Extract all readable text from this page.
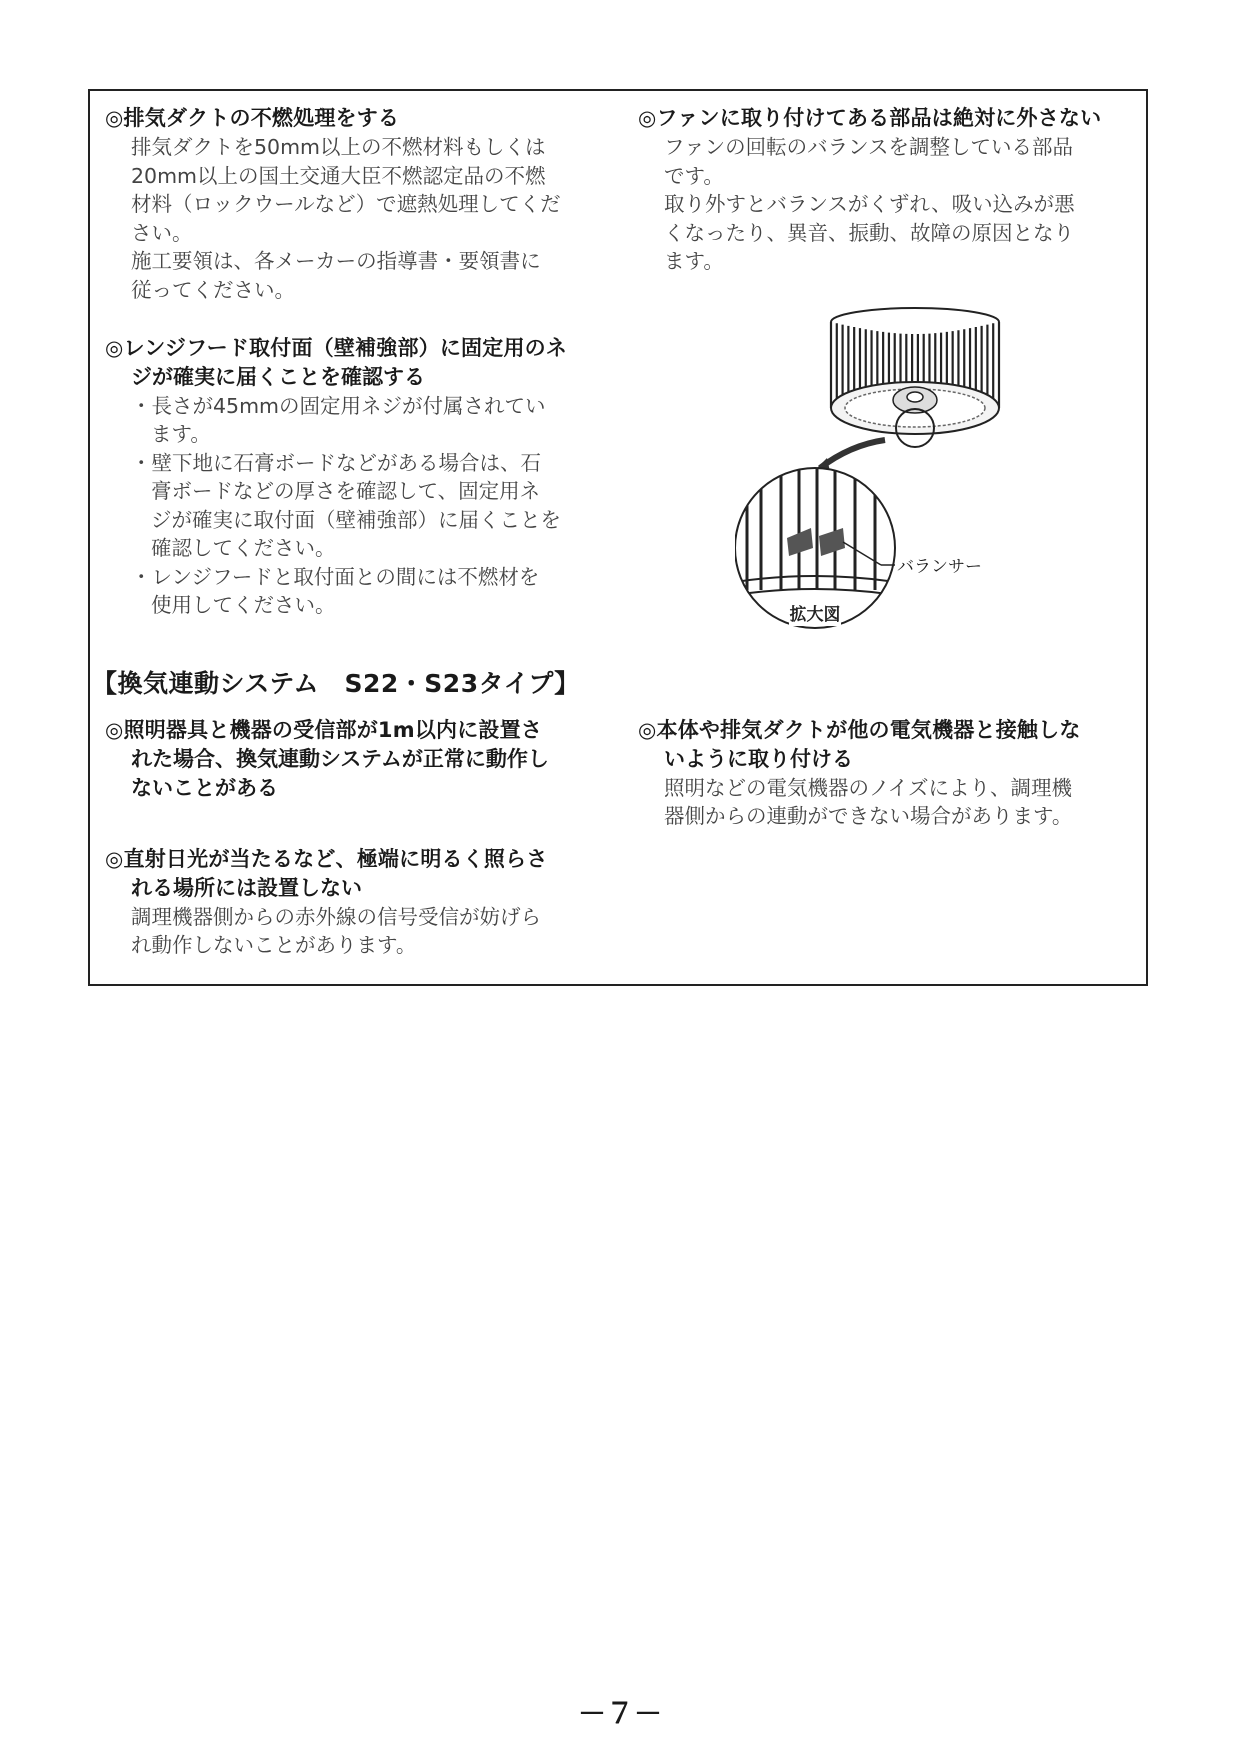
◎排気ダクトの不燃処理をする

排気ダクトを50mm以上の不燃材料もしくは

20mm以上の国土交通大臣不燃認定品の不燃

材料（ロックウールなど）で遮熱処理してくだ

さい。

施工要領は、各メーカーの指導書・要領書に

従ってください。

◎レンジフード取付面（壁補強部）に固定用のネ

ジが確実に届くことを確認する

・長さが45mmの固定用ネジが付属されてい

ます。

・壁下地に石膏ボードなどがある場合は、石

膏ボードなどの厚さを確認して、固定用ネ

ジが確実に取付面（壁補強部）に届くことを

確認してください。

・レンジフードと取付面との間には不燃材を

使用してください。

◎ファンに取り付けてある部品は絶対に外さない

ファンの回転のバランスを調整している部品

です。

取り外すとバランスがくずれ、吸い込みが悪

くなったり、異音、振動、故障の原因となり

ます。

バランサー
拡大図

【換気連動システム　S22・S23タイプ】

◎照明器具と機器の受信部が1m以内に設置さ

れた場合、換気連動システムが正常に動作し

ないことがある

◎直射日光が当たるなど、極端に明るく照らさ

れる場所には設置しない

調理機器側からの赤外線の信号受信が妨げら

れ動作しないことがあります。

◎本体や排気ダクトが他の電気機器と接触しな

いように取り付ける

照明などの電気機器のノイズにより、調理機

器側からの連動ができない場合があります。

－７－
